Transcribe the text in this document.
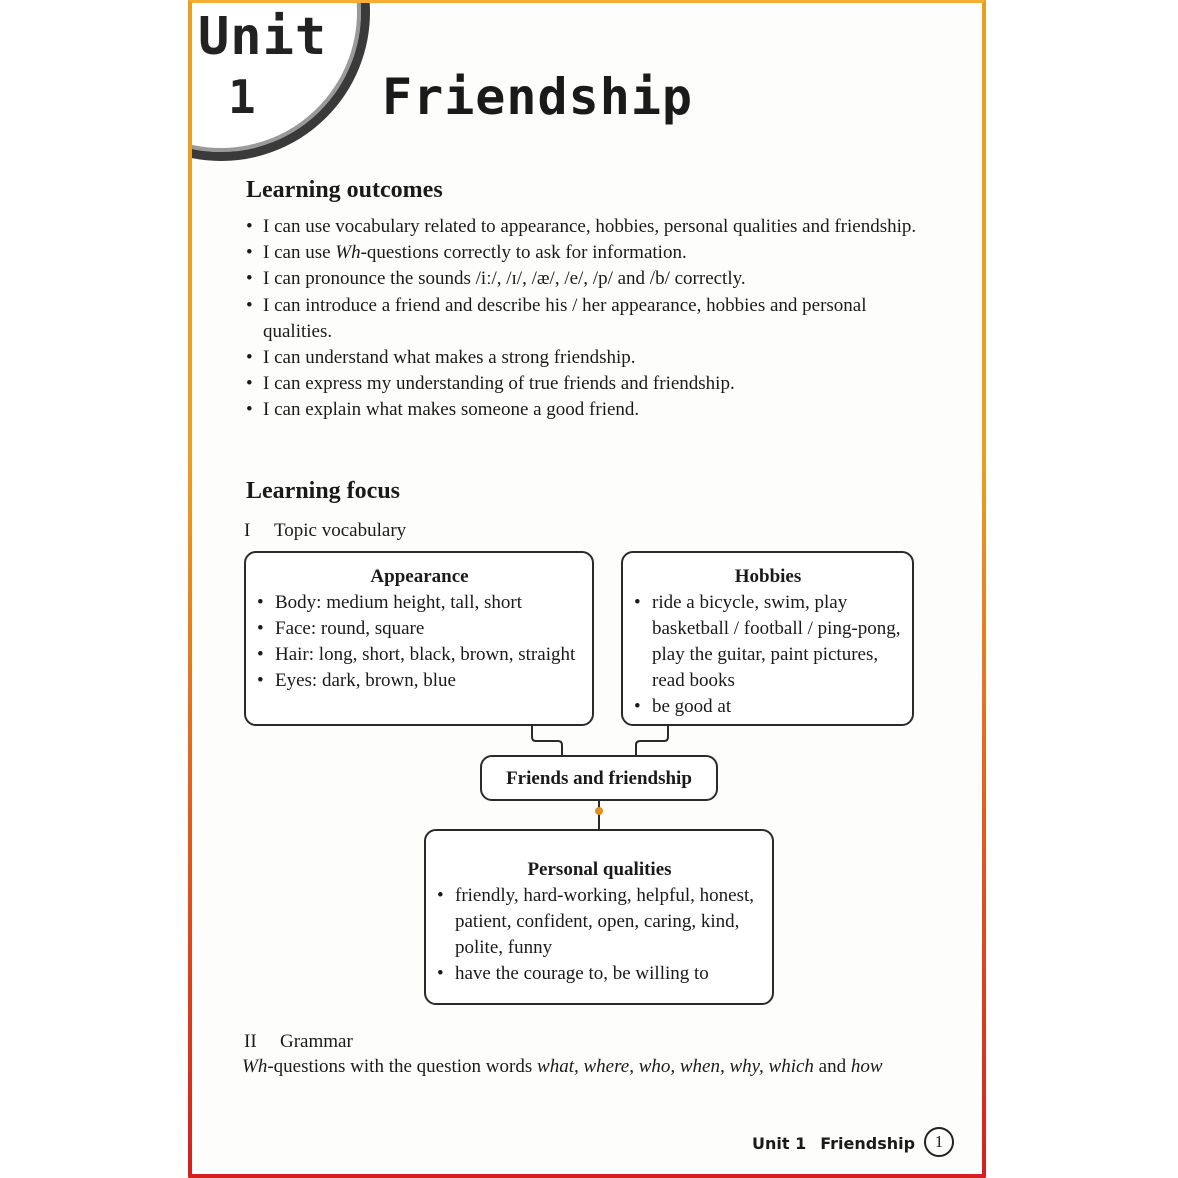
Unit
1	Friendship
Learning outcomes
• I can use vocabulary related to appearance, hobbies, personal qualities and friendship.
• I can use Wh-questions correctly to ask for information.
• I can pronounce the sounds /iː/, /ɪ/, /æ/, /e/, /p/ and /b/ correctly.
• I can introduce a friend and describe his / her appearance, hobbies and personal qualities.
• I can understand what makes a strong friendship.
• I can express my understanding of true friends and friendship.
• I can explain what makes someone a good friend.
Learning focus
I Topic vocabulary
Appearance
• Body: medium height, tall, short
• Face: round, square
• Hair: long, short, black, brown, straight
• Eyes: dark, brown, blue
Hobbies
• ride a bicycle, swim, play basketball / football / ping-pong, play the guitar, paint pictures, read books
• be good at
Friends and friendship
Personal qualities
• friendly, hard-working, helpful, honest, patient, confident, open, caring, kind, polite, funny
• have the courage to, be willing to
II Grammar
Wh-questions with the question words what, where, who, when, why, which and how
Unit 1 Friendship	1
